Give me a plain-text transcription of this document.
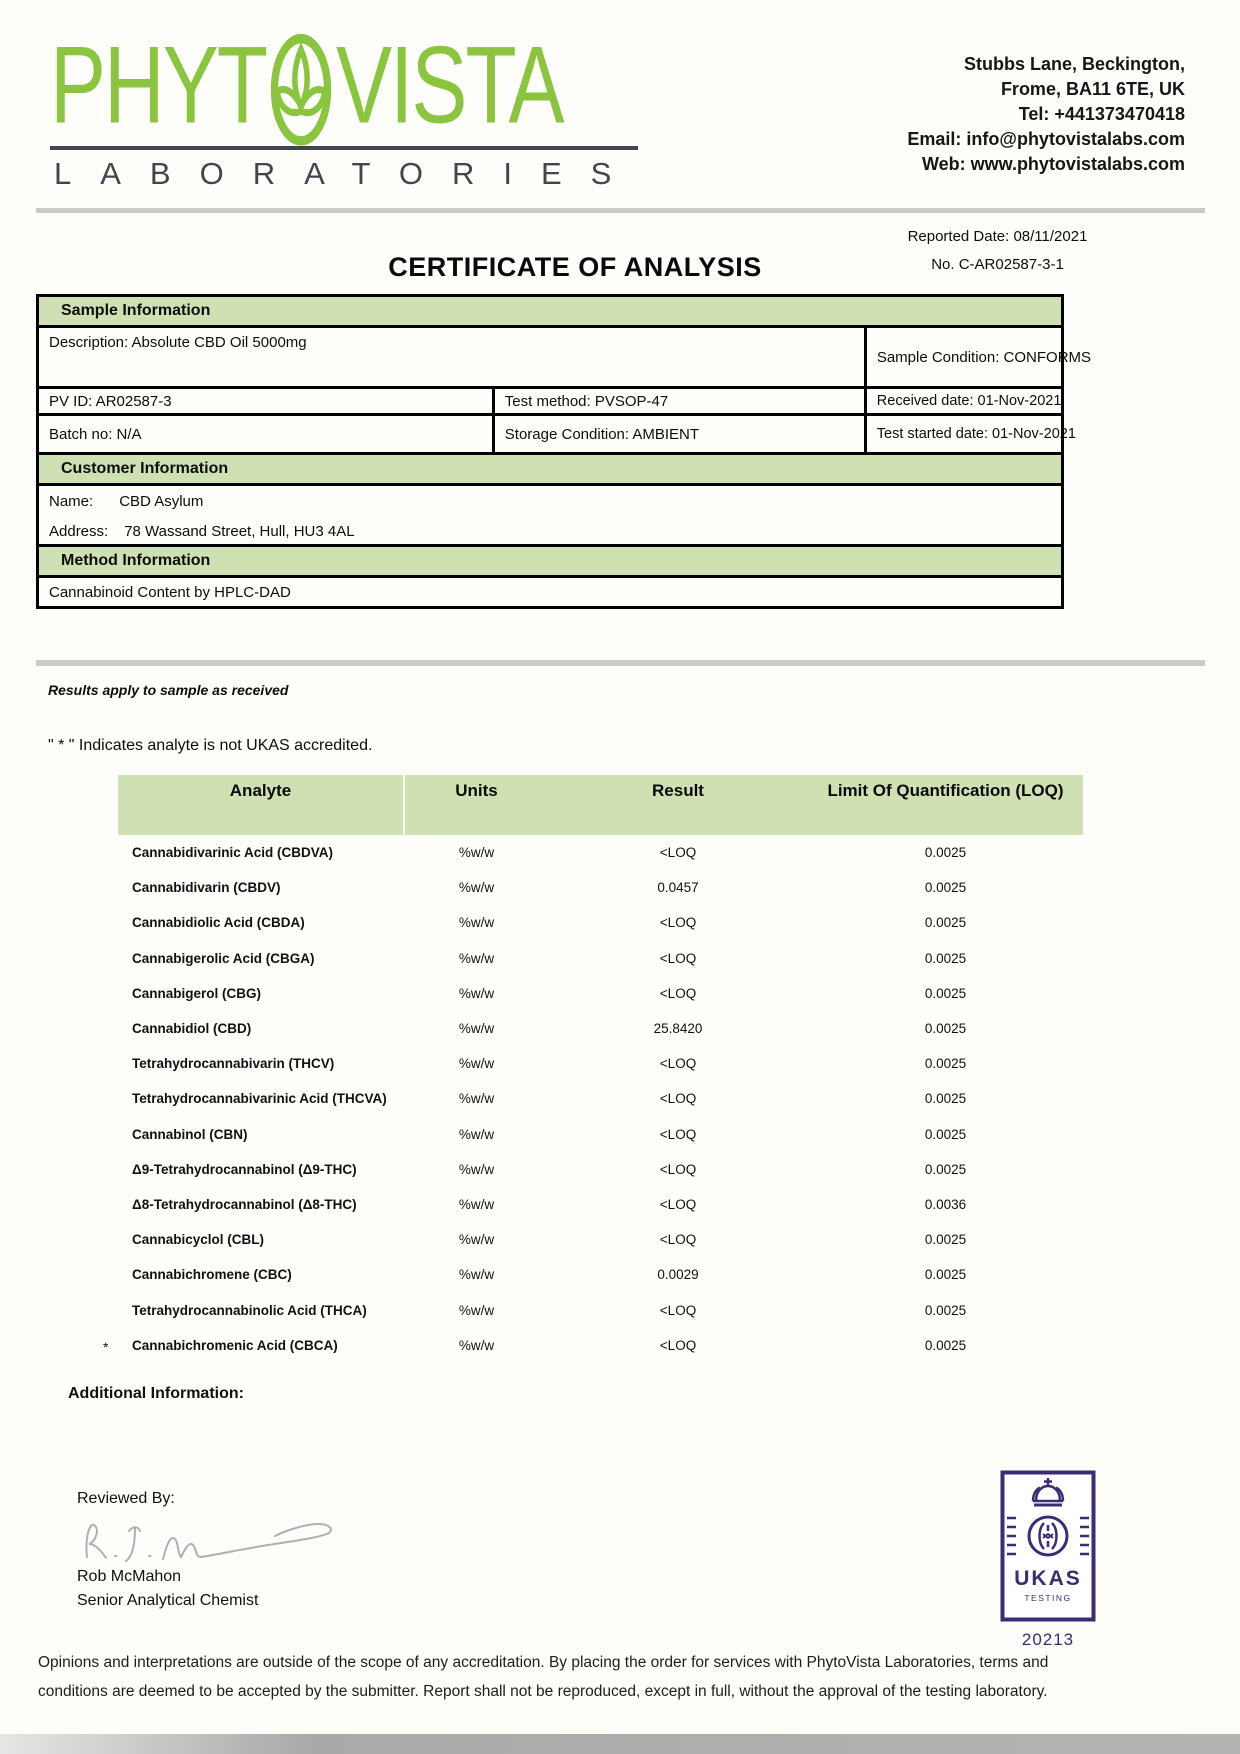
PHYT VISTA
LABORATORIES
Stubbs Lane, Beckington,
Frome, BA11 6TE, UK
Tel: +441373470418
Email: info@phytovistalabs.com
Web: www.phytovistalabs.com
Reported Date: 08/11/2021
No. C-AR02587-3-1
CERTIFICATE OF ANALYSIS
Sample Information
Description: Absolute CBD Oil 5000mg
Sample Condition: CONFORMS
PV ID: AR02587-3	Test method: PVSOP-47	Received date: 01-Nov-2021
Batch no: N/A	Storage Condition: AMBIENT	Test started date: 01-Nov-2021
Customer Information
Name: CBD Asylum
Address: 78 Wassand Street, Hull, HU3 4AL
Method Information
Cannabinoid Content by HPLC-DAD
Results apply to sample as received
" * " Indicates analyte is not UKAS accredited.
Analyte	Units	Result	Limit Of Quantification (LOQ)
Cannabidivarinic Acid (CBDVA)	%w/w	<LOQ	0.0025
Cannabidivarin (CBDV)	%w/w	0.0457	0.0025
Cannabidiolic Acid (CBDA)	%w/w	<LOQ	0.0025
Cannabigerolic Acid (CBGA)	%w/w	<LOQ	0.0025
Cannabigerol (CBG)	%w/w	<LOQ	0.0025
Cannabidiol (CBD)	%w/w	25.8420	0.0025
Tetrahydrocannabivarin (THCV)	%w/w	<LOQ	0.0025
Tetrahydrocannabivarinic Acid (THCVA)	%w/w	<LOQ	0.0025
Cannabinol (CBN)	%w/w	<LOQ	0.0025
Δ9-Tetrahydrocannabinol (Δ9-THC)	%w/w	<LOQ	0.0025
Δ8-Tetrahydrocannabinol (Δ8-THC)	%w/w	<LOQ	0.0036
Cannabicyclol (CBL)	%w/w	<LOQ	0.0025
Cannabichromene (CBC)	%w/w	0.0029	0.0025
Tetrahydrocannabinolic Acid (THCA)	%w/w	<LOQ	0.0025
* Cannabichromenic Acid (CBCA)	%w/w	<LOQ	0.0025
Additional Information:
Reviewed By:
Rob McMahon
Senior Analytical Chemist
UKAS
TESTING
20213
Opinions and interpretations are outside of the scope of any accreditation. By placing the order for services with PhytoVista Laboratories, terms and conditions are deemed to be accepted by the submitter. Report shall not be reproduced, except in full, without the approval of the testing laboratory.
